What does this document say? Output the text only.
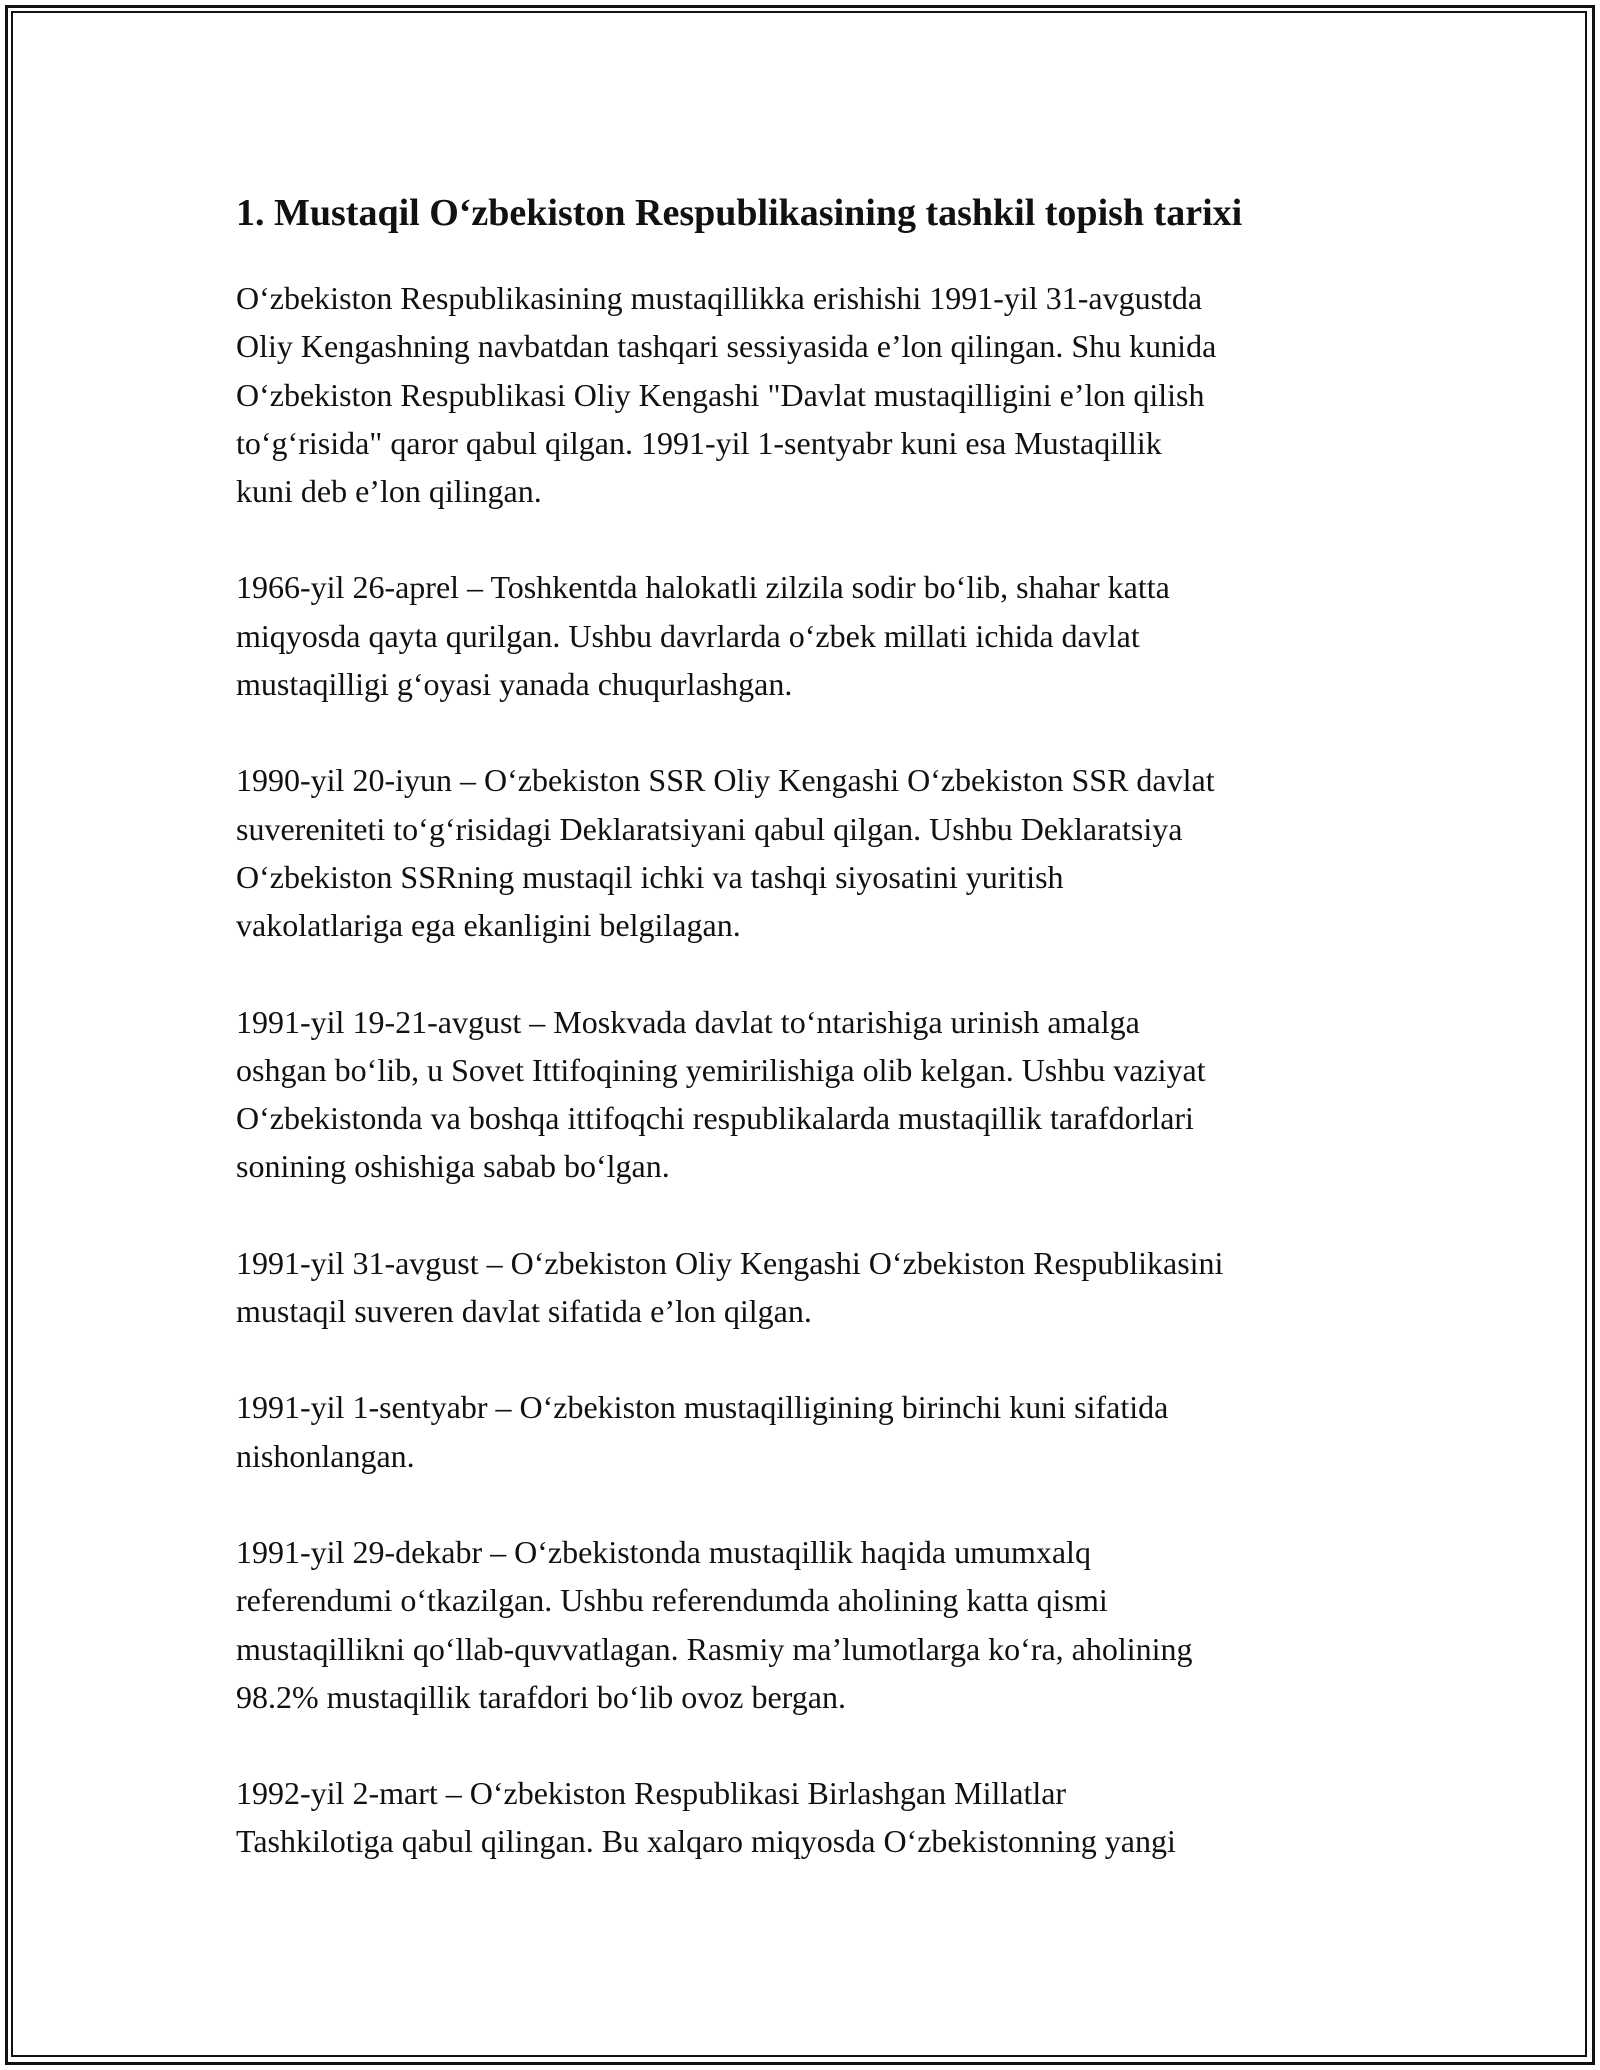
1. Mustaqil O‘zbekiston Respublikasining tashkil topish tarixi

O‘zbekiston Respublikasining mustaqillikka erishishi 1991-yil 31-avgustda
Oliy Kengashning navbatdan tashqari sessiyasida e’lon qilingan. Shu kunida
O‘zbekiston Respublikasi Oliy Kengashi "Davlat mustaqilligini e’lon qilish
to‘g‘risida" qaror qabul qilgan. 1991-yil 1-sentyabr kuni esa Mustaqillik
kuni deb e’lon qilingan.

1966-yil 26-aprel – Toshkentda halokatli zilzila sodir bo‘lib, shahar katta
miqyosda qayta qurilgan. Ushbu davrlarda o‘zbek millati ichida davlat
mustaqilligi g‘oyasi yanada chuqurlashgan.

1990-yil 20-iyun – O‘zbekiston SSR Oliy Kengashi O‘zbekiston SSR davlat
suvereniteti to‘g‘risidagi Deklaratsiyani qabul qilgan. Ushbu Deklaratsiya
O‘zbekiston SSRning mustaqil ichki va tashqi siyosatini yuritish
vakolatlariga ega ekanligini belgilagan.

1991-yil 19-21-avgust – Moskvada davlat to‘ntarishiga urinish amalga
oshgan bo‘lib, u Sovet Ittifoqining yemirilishiga olib kelgan. Ushbu vaziyat
O‘zbekistonda va boshqa ittifoqchi respublikalarda mustaqillik tarafdorlari
sonining oshishiga sabab bo‘lgan.

1991-yil 31-avgust – O‘zbekiston Oliy Kengashi O‘zbekiston Respublikasini
mustaqil suveren davlat sifatida e’lon qilgan.

1991-yil 1-sentyabr – O‘zbekiston mustaqilligining birinchi kuni sifatida
nishonlangan.

1991-yil 29-dekabr – O‘zbekistonda mustaqillik haqida umumxalq
referendumi o‘tkazilgan. Ushbu referendumda aholining katta qismi
mustaqillikni qo‘llab-quvvatlagan. Rasmiy ma’lumotlarga ko‘ra, aholining
98.2% mustaqillik tarafdori bo‘lib ovoz bergan.

1992-yil 2-mart – O‘zbekiston Respublikasi Birlashgan Millatlar
Tashkilotiga qabul qilingan. Bu xalqaro miqyosda O‘zbekistonning yangi
